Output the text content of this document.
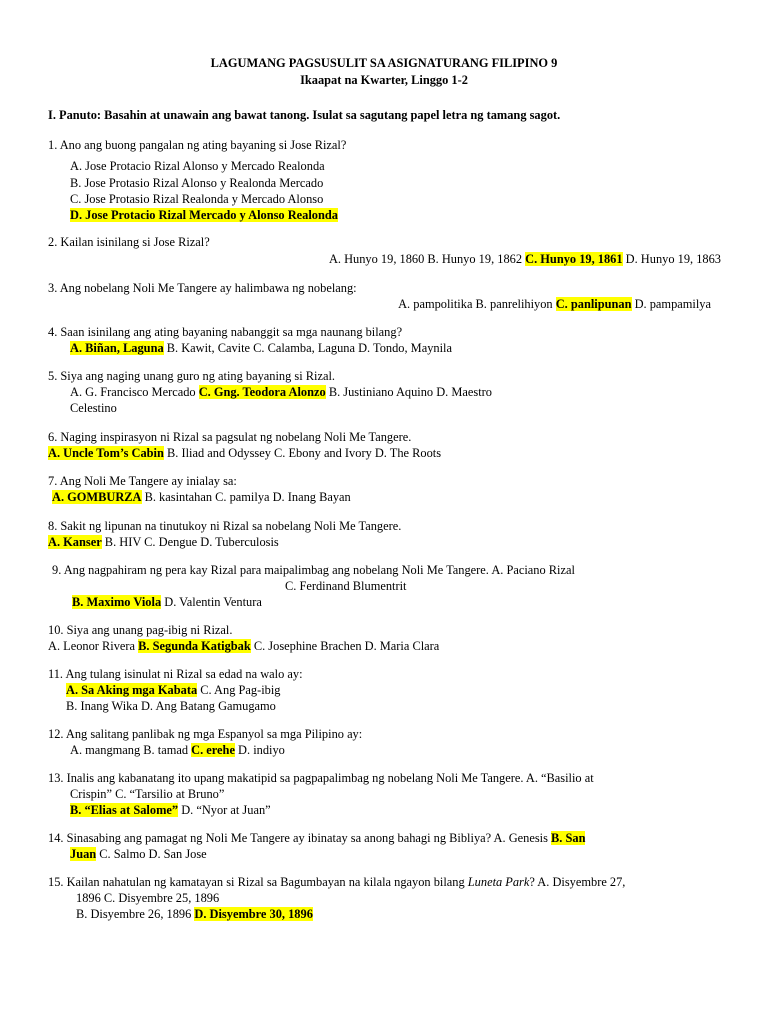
LAGUMANG PAGSUSULIT SA ASIGNATURANG FILIPINO 9
Ikaapat na Kwarter, Linggo 1-2
I. Panuto: Basahin at unawain ang bawat tanong. Isulat sa sagutang papel letra ng tamang sagot.
1. Ano ang buong pangalan ng ating bayaning si Jose Rizal?
A. Jose Protacio Rizal Alonso y Mercado Realonda
B. Jose Protasio Rizal Alonso y Realonda Mercado
C. Jose Protasio Rizal Realonda y Mercado Alonso
D. Jose Protacio Rizal Mercado y Alonso Realonda
2. Kailan isinilang si Jose Rizal?
A. Hunyo 19, 1860 B. Hunyo 19, 1862 C. Hunyo 19, 1861 D. Hunyo 19, 1863
3. Ang nobelang Noli Me Tangere ay halimbawa ng nobelang:
A. pampolitika B. panrelihiyon C. panlipunan D. pampamilya
4. Saan isinilang ang ating bayaning nabanggit sa mga naunang bilang?
A. Biñan, Laguna B. Kawit, Cavite C. Calamba, Laguna D. Tondo, Maynila
5. Siya ang naging unang guro ng ating bayaning si Rizal.
A. G. Francisco Mercado C. Gng. Teodora Alonzo B. Justiniano Aquino D. Maestro
Celestino
6. Naging inspirasyon ni Rizal sa pagsulat ng nobelang Noli Me Tangere.
A. Uncle Tom’s Cabin B. Iliad and Odyssey C. Ebony and Ivory D. The Roots
7. Ang Noli Me Tangere ay inialay sa:
A. GOMBURZA B. kasintahan C. pamilya D. Inang Bayan
8. Sakit ng lipunan na tinutukoy ni Rizal sa nobelang Noli Me Tangere.
A. Kanser B. HIV C. Dengue D. Tuberculosis
9. Ang nagpahiram ng pera kay Rizal para maipalimbag ang nobelang Noli Me Tangere. A. Paciano Rizal
C. Ferdinand Blumentrit
B. Maximo Viola D. Valentin Ventura
10. Siya ang unang pag-ibig ni Rizal.
A. Leonor Rivera B. Segunda Katigbak C. Josephine Brachen D. Maria Clara
11. Ang tulang isinulat ni Rizal sa edad na walo ay:
A. Sa Aking mga Kabata C. Ang Pag-ibig
B. Inang Wika D. Ang Batang Gamugamo
12. Ang salitang panlibak ng mga Espanyol sa mga Pilipino ay:
A. mangmang B. tamad C. erehe D. indiyo
13. Inalis ang kabanatang ito upang makatipid sa pagpapalimbag ng nobelang Noli Me Tangere. A. “Basilio at
Crispin” C. “Tarsilio at Bruno”
B. “Elias at Salome” D. “Nyor at Juan”
14. Sinasabing ang pamagat ng Noli Me Tangere ay ibinatay sa anong bahagi ng Bibliya? A. Genesis B. San
Juan C. Salmo D. San Jose
15. Kailan nahatulan ng kamatayan si Rizal sa Bagumbayan na kilala ngayon bilang Luneta Park? A. Disyembre 27,
1896 C. Disyembre 25, 1896
B. Disyembre 26, 1896 D. Disyembre 30, 1896
